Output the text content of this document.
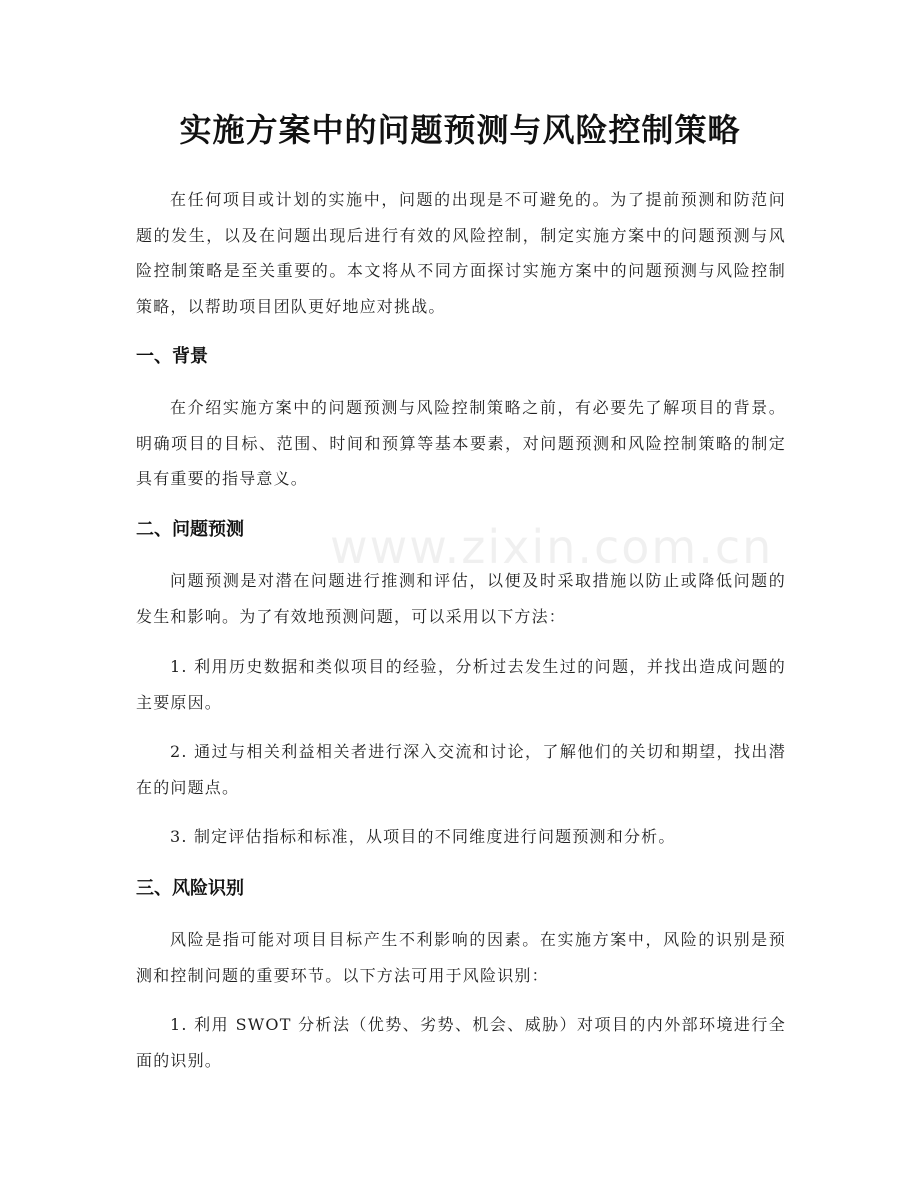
实施方案中的问题预测与风险控制策略
在任何项目或计划的实施中，问题的出现是不可避免的。为了提前预测和防范问题的发生，以及在问题出现后进行有效的风险控制，制定实施方案中的问题预测与风险控制策略是至关重要的。本文将从不同方面探讨实施方案中的问题预测与风险控制策略，以帮助项目团队更好地应对挑战。
一、背景
在介绍实施方案中的问题预测与风险控制策略之前，有必要先了解项目的背景。明确项目的目标、范围、时间和预算等基本要素，对问题预测和风险控制策略的制定具有重要的指导意义。
二、问题预测
问题预测是对潜在问题进行推测和评估，以便及时采取措施以防止或降低问题的发生和影响。为了有效地预测问题，可以采用以下方法：
1. 利用历史数据和类似项目的经验，分析过去发生过的问题，并找出造成问题的主要原因。
2. 通过与相关利益相关者进行深入交流和讨论，了解他们的关切和期望，找出潜在的问题点。
3. 制定评估指标和标准，从项目的不同维度进行问题预测和分析。
三、风险识别
风险是指可能对项目目标产生不利影响的因素。在实施方案中，风险的识别是预测和控制问题的重要环节。以下方法可用于风险识别：
1. 利用 SWOT 分析法（优势、劣势、机会、威胁）对项目的内外部环境进行全面的识别。
www.zixin.com.cn
